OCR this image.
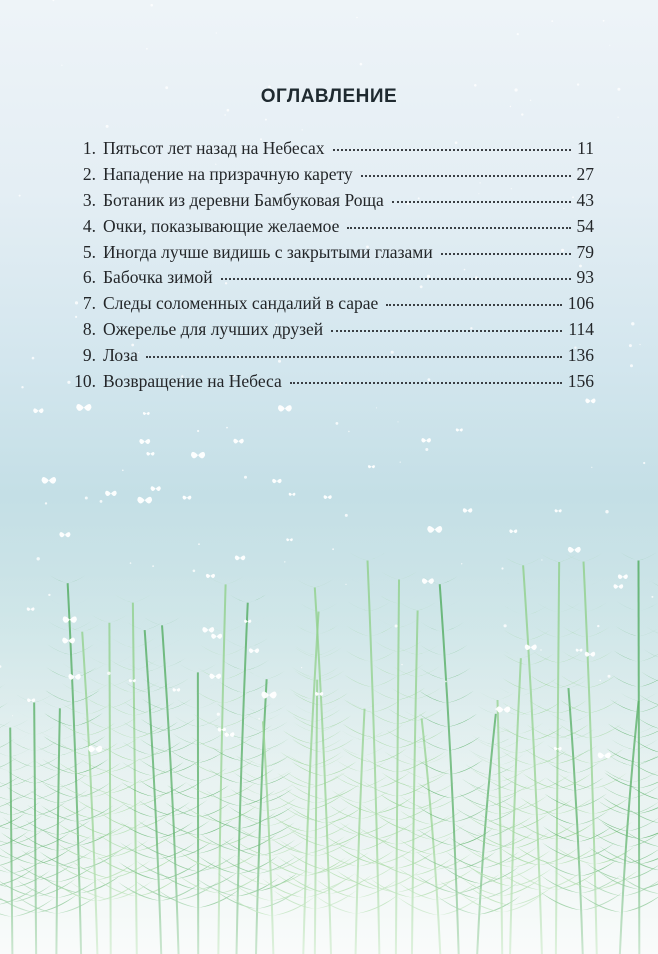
ОГЛАВЛЕНИЕ
1. Пятьсот лет назад на Небесах	11
2. Нападение на призрачную карету	27
3. Ботаник из деревни Бамбуковая Роща	43
4. Очки, показывающие желаемое	54
5. Иногда лучше видишь с закрытыми глазами	79
6. Бабочка зимой	93
7. Следы соломенных сандалий в сарае	106
8. Ожерелье для лучших друзей	114
9. Лоза	136
10. Возвращение на Небеса	156
